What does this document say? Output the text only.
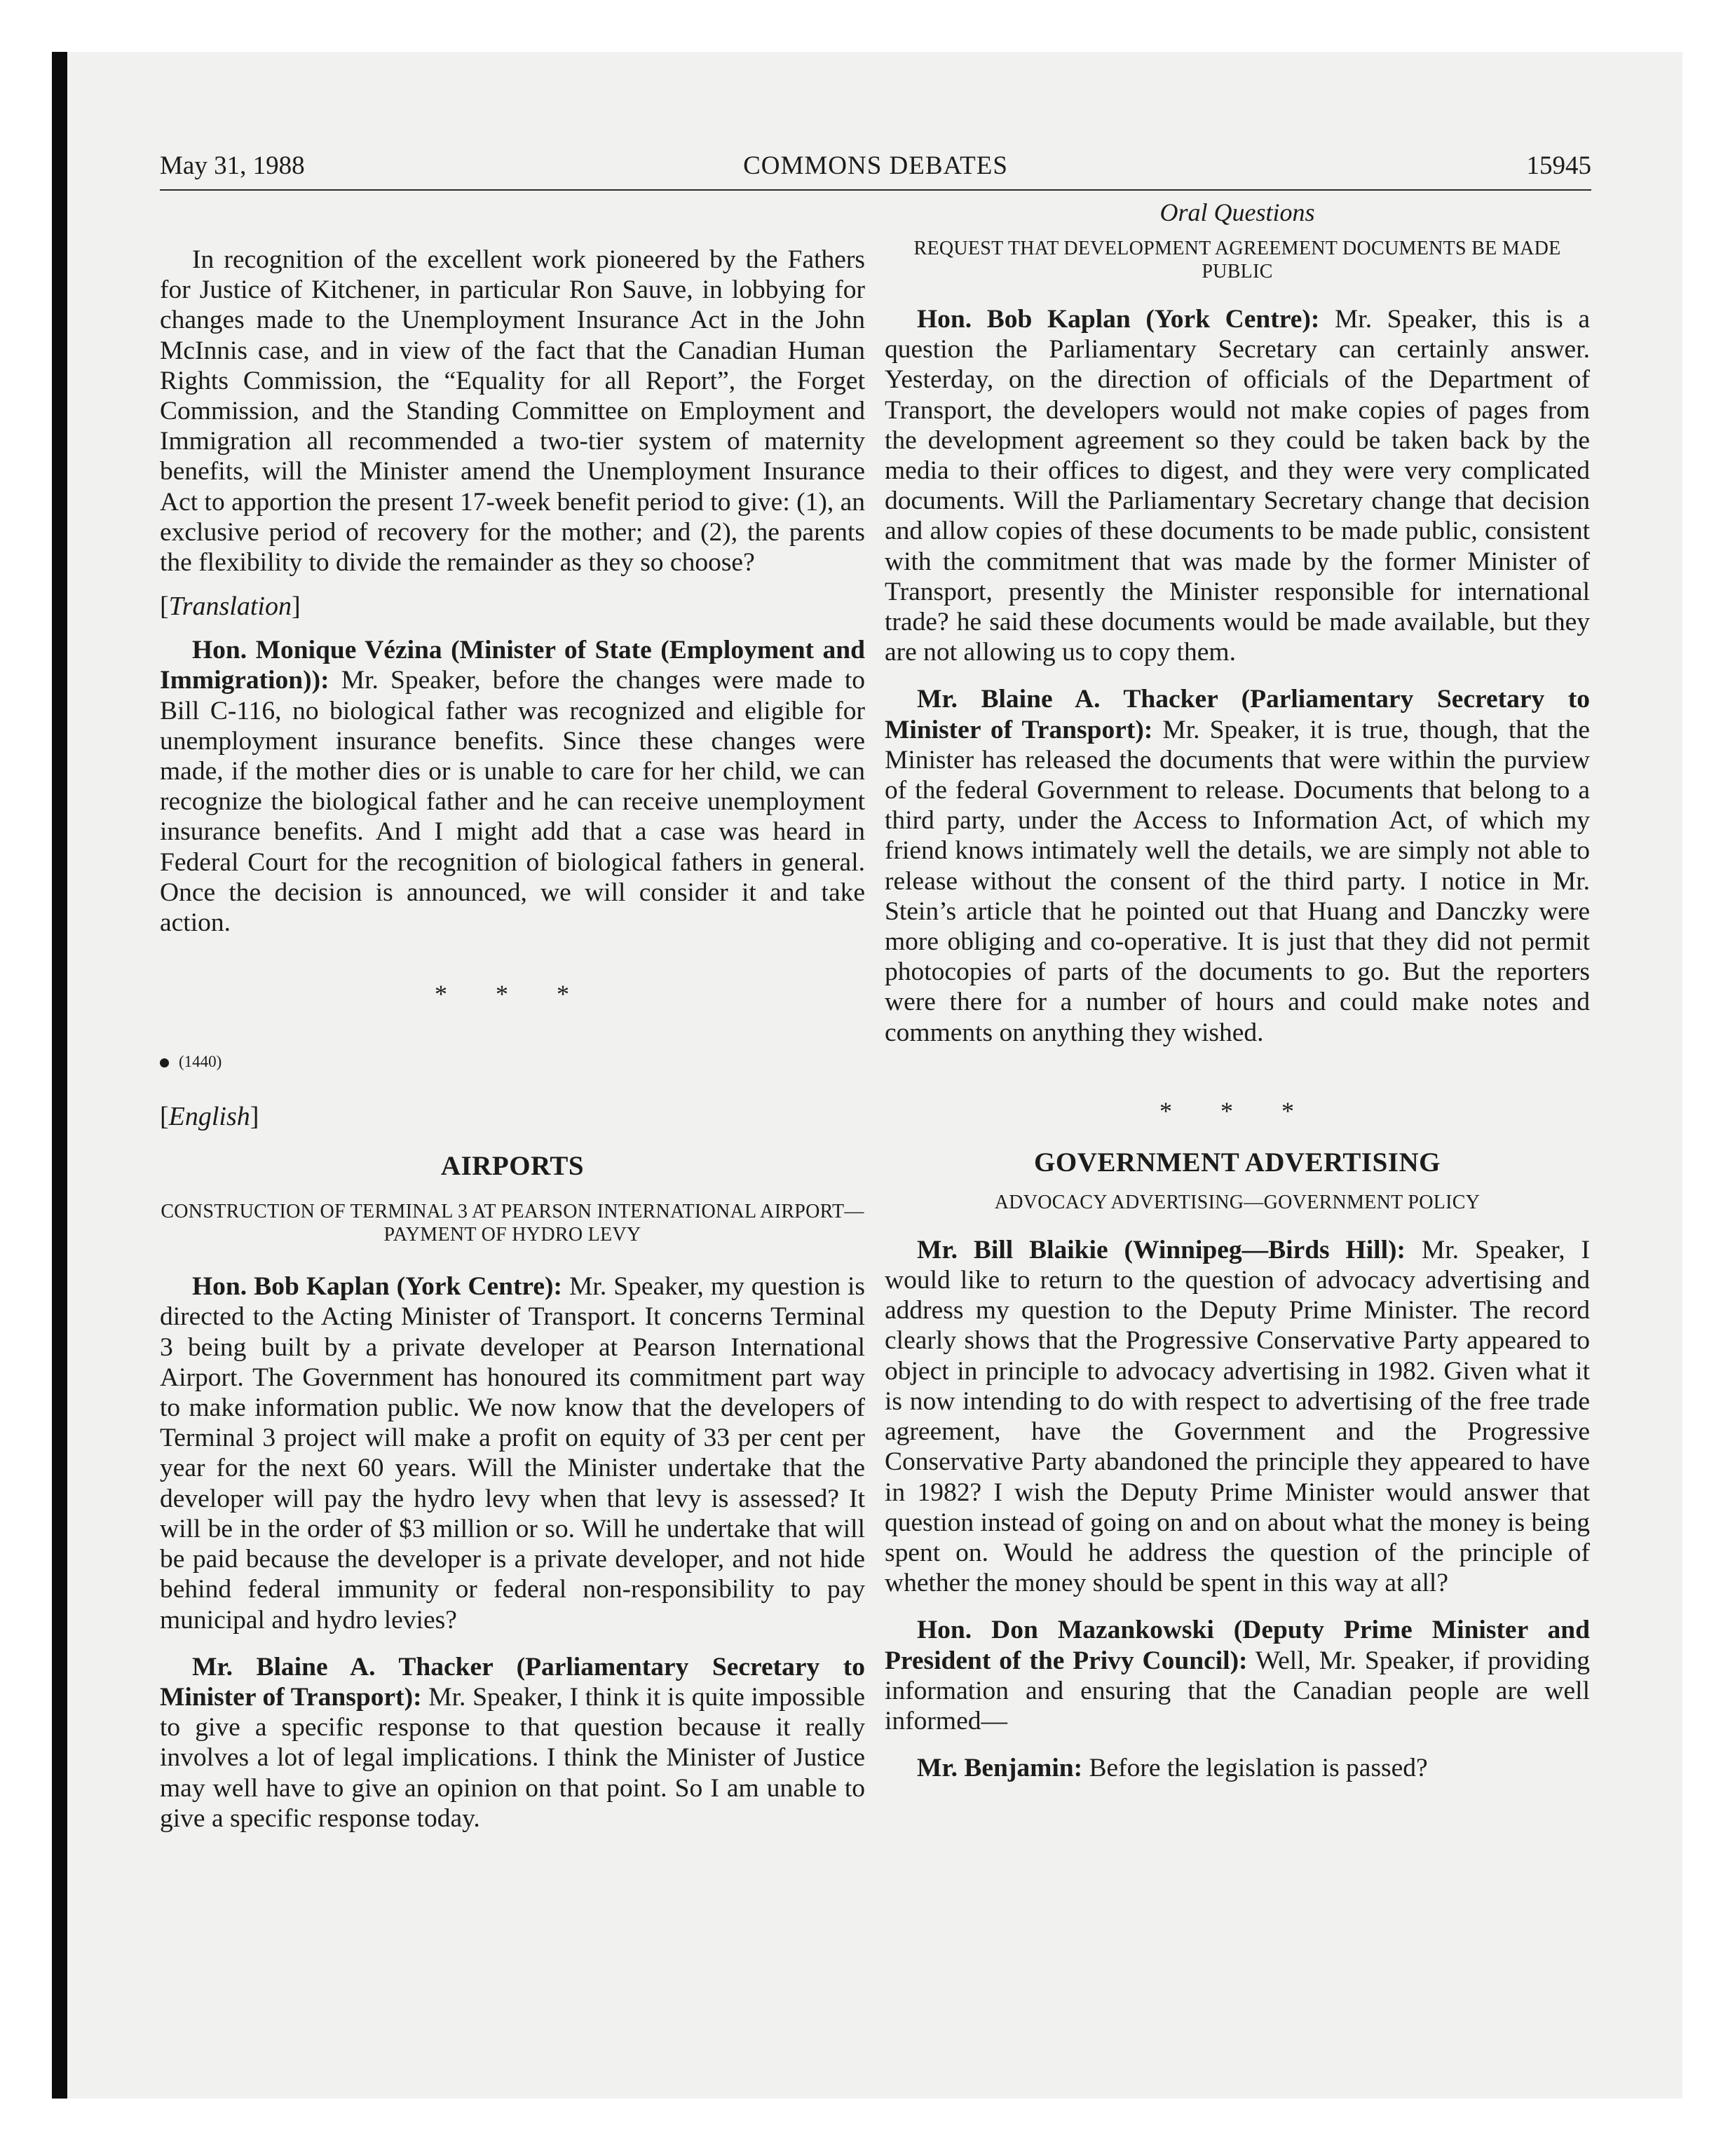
May 31, 1988	COMMONS DEBATES	15945

In recognition of the excellent work pioneered by the Fathers for Justice of Kitchener, in particular Ron Sauve, in lobbying for changes made to the Unemployment Insurance Act in the John McInnis case, and in view of the fact that the Canadian Human Rights Commission, the “Equality for all Report”, the Forget Commission, and the Standing Committee on Employment and Immigration all recommended a two-tier system of maternity benefits, will the Minister amend the Unemployment Insurance Act to apportion the present 17-week benefit period to give: (1), an exclusive period of recovery for the mother; and (2), the parents the flexibility to divide the remainder as they so choose?

[Translation]

Hon. Monique Vézina (Minister of State (Employment and Immigration)): Mr. Speaker, before the changes were made to Bill C-116, no biological father was recognized and eligible for unemployment insurance benefits. Since these changes were made, if the mother dies or is unable to care for her child, we can recognize the biological father and he can receive unemployment insurance benefits. And I might add that a case was heard in Federal Court for the recognition of biological fathers in general. Once the decision is announced, we will consider it and take action.

* * *

(1440)

[English]

AIRPORTS
CONSTRUCTION OF TERMINAL 3 AT PEARSON INTERNATIONAL AIRPORT—PAYMENT OF HYDRO LEVY

Hon. Bob Kaplan (York Centre): Mr. Speaker, my question is directed to the Acting Minister of Transport. It concerns Terminal 3 being built by a private developer at Pearson International Airport. The Government has honoured its commitment part way to make information public. We now know that the developers of Terminal 3 project will make a profit on equity of 33 per cent per year for the next 60 years. Will the Minister undertake that the developer will pay the hydro levy when that levy is assessed? It will be in the order of $3 million or so. Will he undertake that will be paid because the developer is a private developer, and not hide behind federal immunity or federal non-responsibility to pay municipal and hydro levies?

Mr. Blaine A. Thacker (Parliamentary Secretary to Minister of Transport): Mr. Speaker, I think it is quite impossible to give a specific response to that question because it really involves a lot of legal implications. I think the Minister of Justice may well have to give an opinion on that point. So I am unable to give a specific response today.

Oral Questions

REQUEST THAT DEVELOPMENT AGREEMENT DOCUMENTS BE MADE PUBLIC

Hon. Bob Kaplan (York Centre): Mr. Speaker, this is a question the Parliamentary Secretary can certainly answer. Yesterday, on the direction of officials of the Department of Transport, the developers would not make copies of pages from the development agreement so they could be taken back by the media to their offices to digest, and they were very complicated documents. Will the Parliamentary Secretary change that decision and allow copies of these documents to be made public, consistent with the commitment that was made by the former Minister of Transport, presently the Minister responsible for international trade? he said these documents would be made available, but they are not allowing us to copy them.

Mr. Blaine A. Thacker (Parliamentary Secretary to Minister of Transport): Mr. Speaker, it is true, though, that the Minister has released the documents that were within the purview of the federal Government to release. Documents that belong to a third party, under the Access to Information Act, of which my friend knows intimately well the details, we are simply not able to release without the consent of the third party. I notice in Mr. Stein’s article that he pointed out that Huang and Danczky were more obliging and co-operative. It is just that they did not permit photocopies of parts of the documents to go. But the reporters were there for a number of hours and could make notes and comments on anything they wished.

* * *

GOVERNMENT ADVERTISING
ADVOCACY ADVERTISING—GOVERNMENT POLICY

Mr. Bill Blaikie (Winnipeg—Birds Hill): Mr. Speaker, I would like to return to the question of advocacy advertising and address my question to the Deputy Prime Minister. The record clearly shows that the Progressive Conservative Party appeared to object in principle to advocacy advertising in 1982. Given what it is now intending to do with respect to advertising of the free trade agreement, have the Government and the Progressive Conservative Party abandoned the principle they appeared to have in 1982? I wish the Deputy Prime Minister would answer that question instead of going on and on about what the money is being spent on. Would he address the question of the principle of whether the money should be spent in this way at all?

Hon. Don Mazankowski (Deputy Prime Minister and President of the Privy Council): Well, Mr. Speaker, if providing information and ensuring that the Canadian people are well informed—

Mr. Benjamin: Before the legislation is passed?
